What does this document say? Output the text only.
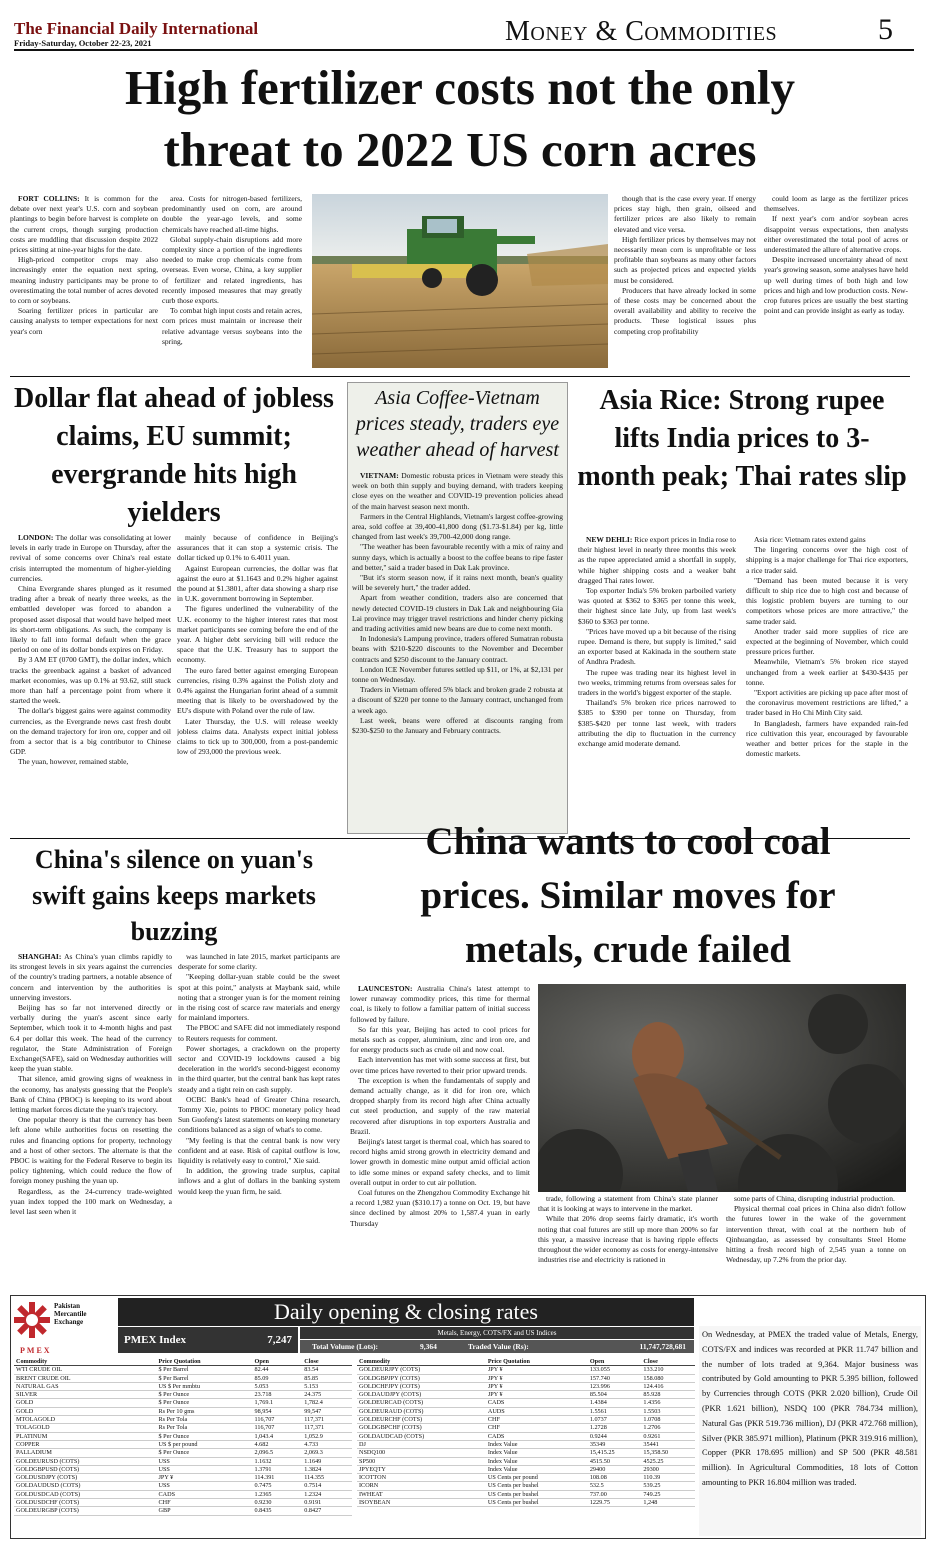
The Financial Daily International
Friday-Saturday, October 22-23, 2021	Money & Commodities	5
High fertilizer costs not the only
threat to 2022 US corn acres

FORT COLLINS: It is common for the debate over next year's U.S. corn and soybean plantings to begin before harvest is complete on the current crops, though surging production costs are muddling that discussion despite 2022 prices sitting at nine-year highs for the date.

High-priced competitor crops may also increasingly enter the equation next spring, meaning industry participants may be prone to overestimating the total number of acres devoted to corn or soybeans.

Soaring fertilizer prices in particular are causing analysts to temper expectations for next year's corn

area. Costs for nitrogen-based fertilizers, predominantly used on corn, are around double the year-ago levels, and some chemicals have reached all-time highs.

Global supply-chain disruptions add more complexity since a portion of the ingredients needed to make crop chemicals come from overseas. Even worse, China, a key supplier of fertilizer and related ingredients, has recently imposed measures that may greatly curb those exports.

To combat high input costs and retain acres, corn prices must maintain or increase their relative advantage versus soybeans into the spring,

though that is the case every year. If energy prices stay high, then grain, oilseed and fertilizer prices are also likely to remain elevated and vice versa.

High fertilizer prices by themselves may not necessarily mean corn is unprofitable or less profitable than soybeans as many other factors such as projected prices and expected yields must be considered.

Producers that have already locked in some of these costs may be concerned about the overall availability and ability to receive the products. These logistical issues plus competing crop profitability

could loom as large as the fertilizer prices themselves.

If next year's corn and/or soybean acres disappoint versus expectations, then analysts either overestimated the total pool of acres or underestimated the allure of alternative crops.

Despite increased uncertainty ahead of next year's growing season, some analyses have held up well during times of both high and low prices and high and low production costs. New-crop futures prices are usually the best starting point and can provide insight as early as today.

Dollar flat ahead of jobless claims, EU summit; evergrande hits high yielders

LONDON: The dollar was consolidating at lower levels in early trade in Europe on Thursday, after the revival of some concerns over China's real estate crisis interrupted the momentum of higher-yielding currencies.

China Evergrande shares plunged as it resumed trading after a break of nearly three weeks, as the embattled developer was forced to abandon a proposed asset disposal that would have helped meet its short-term obligations. As such, the company is likely to fall into formal default when the grace period on one of its dollar bonds expires on Friday.

By 3 AM ET (0700 GMT), the dollar index, which tracks the greenback against a basket of advanced market economies, was up 0.1% at 93.62, still stuck more than half a percentage point from where it started the week.

The dollar's biggest gains were against commodity currencies, as the Evergrande news cast fresh doubt on the demand trajectory for iron ore, copper and oil from a sector that is a big contributor to Chinese GDP.

The yuan, however, remained stable,

mainly because of confidence in Beijing's assurances that it can stop a systemic crisis. The dollar ticked up 0.1% to 6.4011 yuan.

Against European currencies, the dollar was flat against the euro at $1.1643 and 0.2% higher against the pound at $1.3801, after data showing a sharp rise in U.K. government borrowing in September.

The figures underlined the vulnerability of the U.K. economy to the higher interest rates that most market participants see coming before the end of the year. A higher debt servicing bill will reduce the space that the U.K. Treasury has to support the economy.

The euro fared better against emerging European currencies, rising 0.3% against the Polish zloty and 0.4% against the Hungarian forint ahead of a summit meeting that is likely to be overshadowed by the EU's dispute with Poland over the rule of law.

Later Thursday, the U.S. will release weekly jobless claims data. Analysts expect initial jobless claims to tick up to 300,000, from a post-pandemic low of 293,000 the previous week.

Asia Coffee-Vietnam prices steady, traders eye weather ahead of harvest

VIETNAM: Domestic robusta prices in Vietnam were steady this week on both thin supply and buying demand, with traders keeping close eyes on the weather and COVID-19 prevention policies ahead of the main harvest season next month.

Farmers in the Central Highlands, Vietnam's largest coffee-growing area, sold coffee at 39,400-41,800 dong ($1.73-$1.84) per kg, little changed from last week's 39,700-42,000 dong range.

"The weather has been favourable recently with a mix of rainy and sunny days, which is actually a boost to the coffee beans to ripe faster and better," said a trader based in Dak Lak province.

"But it's storm season now, if it rains next month, bean's quality will be severely hurt," the trader added.

Apart from weather condition, traders also are concerned that newly detected COVID-19 clusters in Dak Lak and neighbouring Gia Lai province may trigger travel restrictions and hinder cherry picking and trading activities amid new beans are due to come next month.

In Indonesia's Lampung province, traders offered Sumatran robusta beans with $210-$220 discounts to the November and December contracts and $250 discount to the January contract.

London ICE November futures settled up $11, or 1%, at $2,131 per tonne on Wednesday.

Traders in Vietnam offered 5% black and broken grade 2 robusta at a discount of $220 per tonne to the January contract, unchanged from a week ago.

Last week, beans were offered at discounts ranging from $230-$250 to the January and February contracts.

Asia Rice: Strong rupee lifts India prices to 3-month peak; Thai rates slip

NEW DEHLI: Rice export prices in India rose to their highest level in nearly three months this week as the rupee appreciated amid a shortfall in supply, while higher shipping costs and a weaker baht dragged Thai rates lower.

Top exporter India's 5% broken parboiled variety was quoted at $362 to $365 per tonne this week, their highest since late July, up from last week's $360 to $363 per tonne.

"Prices have moved up a bit because of the rising rupee. Demand is there, but supply is limited," said an exporter based at Kakinada in the southern state of Andhra Pradesh.

The rupee was trading near its highest level in two weeks, trimming returns from overseas sales for traders in the world's biggest exporter of the staple.

Thailand's 5% broken rice prices narrowed to $385 to $390 per tonne on Thursday, from $385-$420 per tonne last week, with traders attributing the dip to fluctuation in the currency exchange amid moderate demand.

Asia rice: Vietnam rates extend gains

The lingering concerns over the high cost of shipping is a major challenge for Thai rice exporters, a rice trader said.

"Demand has been muted because it is very difficult to ship rice due to high cost and because of this logistic problem buyers are turning to our competitors whose prices are more attractive," the same trader said.

Another trader said more supplies of rice are expected at the beginning of November, which could pressure prices further.

Meanwhile, Vietnam's 5% broken rice stayed unchanged from a week earlier at $430-$435 per tonne.

"Export activities are picking up pace after most of the coronavirus movement restrictions are lifted," a trader based in Ho Chi Minh City said.

In Bangladesh, farmers have expanded rain-fed rice cultivation this year, encouraged by favourable weather and better prices for the staple in the domestic markets.

China's silence on yuan's swift gains keeps markets buzzing

SHANGHAI: As China's yuan climbs rapidly to its strongest levels in six years against the currencies of the country's trading partners, a notable absence of concern and intervention by the authorities is unnerving investors.

Beijing has so far not intervened directly or verbally during the yuan's ascent since early September, which took it to 4-month highs and past 6.4 per dollar this week. The head of the currency regulator, the State Administration of Foreign Exchange(SAFE), said on Wednesday authorities will keep the yuan stable.

That silence, amid growing signs of weakness in the economy, has analysts guessing that the People's Bank of China (PBOC) is keeping to its word about letting market forces dictate the yuan's trajectory.

One popular theory is that the currency has been left alone while authorities focus on resetting the rules and financing options for property, technology and a host of other sectors. The alternate is that the PBOC is waiting for the Federal Reserve to begin its policy tightening, which could reduce the flow of foreign money pushing the yuan up.

Regardless, as the 24-currency trade-weighted yuan index topped the 100 mark on Wednesday, a level last seen when it

was launched in late 2015, market participants are desperate for some clarity.

"Keeping dollar-yuan stable could be the sweet spot at this point," analysts at Maybank said, while noting that a stronger yuan is for the moment reining in the rising cost of scarce raw materials and energy for mainland importers.

The PBOC and SAFE did not immediately respond to Reuters requests for comment.

Power shortages, a crackdown on the property sector and COVID-19 lockdowns caused a big deceleration in the world's second-biggest economy in the third quarter, but the central bank has kept rates steady and a tight rein on cash supply.

OCBC Bank's head of Greater China research, Tommy Xie, points to PBOC monetary policy head Sun Guofeng's latest statements on keeping monetary conditions balanced as a sign of what's to come.

"My feeling is that the central bank is now very confident and at ease. Risk of capital outflow is low, liquidity is relatively easy to control," Xie said.

In addition, the growing trade surplus, capital inflows and a glut of dollars in the banking system would keep the yuan firm, he said.

China wants to cool coal
prices. Similar moves for
metals, crude failed

LAUNCESTON: Australia China's latest attempt to lower runaway commodity prices, this time for thermal coal, is likely to follow a familiar pattern of initial success followed by failure.

So far this year, Beijing has acted to cool prices for metals such as copper, aluminium, zinc and iron ore, and for energy products such as crude oil and now coal.

Each intervention has met with some success at first, but over time prices have reverted to their prior upward trends.

The exception is when the fundamentals of supply and demand actually change, as it did for iron ore, which dropped sharply from its record high after China actually cut steel production, and supply of the raw material recovered after disruptions in top exporters Australia and Brazil.

Beijing's latest target is thermal coal, which has soared to record highs amid strong growth in electricity demand and lower growth in domestic mine output amid official action to idle some mines or expand safety checks, and to limit overall output in order to cut air pollution.

Coal futures on the Zhengzhou Commodity Exchange hit a record 1,982 yuan ($310.17) a tonne on Oct. 19, but have since declined by almost 20% to 1,587.4 yuan in early Thursday

trade, following a statement from China's state planner that it is looking at ways to intervene in the market.

While that 20% drop seems fairly dramatic, it's worth noting that coal futures are still up more than 200% so far this year, a massive increase that is having ripple effects throughout the wider economy as costs for energy-intensive industries rise and electricity is rationed in

some parts of China, disrupting industrial production.

Physical thermal coal prices in China also didn't follow the futures lower in the wake of the government intervention threat, with coal at the northern hub of Qinhuangdao, as assessed by consultants Steel Home hitting a fresh record high of 2,545 yuan a tonne on Wednesday, up 7.2% from the prior day.

Pakistan Mercantile Exchange
PMEX
Daily opening & closing rates
PMEX Index	7,247
Metals, Energy, COTS/FX and US Indices
Total Volume (Lots):	9,364	Traded Value (Rs):	11,747,728,681
Commodity	Price Quotation	Open	Close
WTI CRUDE OIL	$ Per Barrel	82.44	83.54
BRENT CRUDE OIL	$ Per Barrel	85.09	85.85
NATURAL GAS	US $ Per mmbtu	5.053	5.153
SILVER	$ Per Ounce	23.718	24.375
GOLD	$ Per Ounce	1,769.1	1,782.4
GOLD	Rs Per 10 gms	98,954	99,547
MTOLAGOLD	Rs Per Tola	116,707	117,371
TOLAGOLD	Rs Per Tola	116,707	117,371
PLATINUM	$ Per Ounce	1,043.4	1,052.9
COPPER	US $ per pound	4.682	4.733
PALLADIUM	$ Per Ounce	2,096.5	2,069.3
GOLDEURUSD (COTS)	USS	1.1632	1.1649
GOLDGBPUSD (COTS)	USS	1.3791	1.3824
GOLDUSDJPY (COTS)	JPY ¥	114.391	114.355
GOLDAUDUSD (COTS)	USS	0.7475	0.7514
GOLDUSDCAD (COTS)	CADS	1.2365	1.2324
GOLDUSDCHF (COTS)	CHF	0.9230	0.9191
GOLDEURGBP (COTS)	GBP	0.8435	0.8427
Commodity	Price Quotation	Open	Close
GOLDEURJPY (COTS)	JPY ¥	133.055	133.210
GOLDGBPJPY (COTS)	JPY ¥	157.740	158.080
GOLDCHFJPY (COTS)	JPY ¥	123.996	124.416
GOLDAUDJPY (COTS)	JPY ¥	85.504	85.928
GOLDEURCAD (COTS)	CADS	1.4384	1.4356
GOLDEURAUD (COTS)	AUDS	1.5561	1.5503
GOLDEURCHF (COTS)	CHF	1.0737	1.0708
GOLDGBPCHF (COTS)	CHF	1.2728	1.2706
GOLDAUDCAD (COTS)	CADS	0.9244	0.9261
DJ	Index Value	35349	35441
NSDQ100	Index Value	15,415.25	15,358.50
SP500	Index Value	4515.50	4525.25
JPYEQTY	Index Value	29400	29300
ICOTTON	US Cents per pound	108.08	110.39
ICORN	US Cents per bushel	532.5	539.25
IWHEAT	US Cents per bushel	737.00	749.25
ISOYBEAN	US Cents per bushel	1229.75	1,248
On Wednesday, at PMEX the traded value of Metals, Energy, COTS/FX and indices was recorded at PKR 11.747 billion and the number of lots traded at 9,364. Major business was contributed by Gold amounting to PKR 5.395 billion, followed by Currencies through COTS (PKR 2.020 billion), Crude Oil (PKR 1.621 billion), NSDQ 100 (PKR 784.734 million), Natural Gas (PKR 519.736 million), DJ (PKR 472.768 million), Silver (PKR 385.971 million), Platinum (PKR 319.916 million), Copper (PKR 178.695 million) and SP 500 (PKR 48.581 million). In Agricultural Commodities, 18 lots of Cotton amounting to PKR 16.804 million was traded.
